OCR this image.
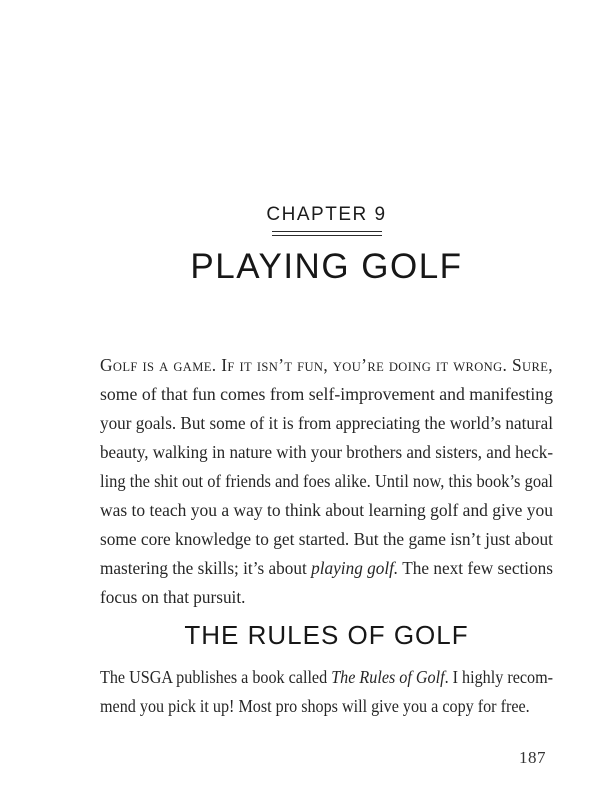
CHAPTER 9
PLAYING GOLF
Golf is a game. If it isn’t fun, you’re doing it wrong. Sure,
some of that fun comes from self-improvement and manifesting
your goals. But some of it is from appreciating the world’s natural
beauty, walking in nature with your brothers and sisters, and heck-
ling the shit out of friends and foes alike. Until now, this book’s goal
was to teach you a way to think about learning golf and give you
some core knowledge to get started. But the game isn’t just about
mastering the skills; it’s about playing golf. The next few sections
focus on that pursuit.
THE RULES OF GOLF
The USGA publishes a book called The Rules of Golf. I highly recom-
mend you pick it up! Most pro shops will give you a copy for free.
187
